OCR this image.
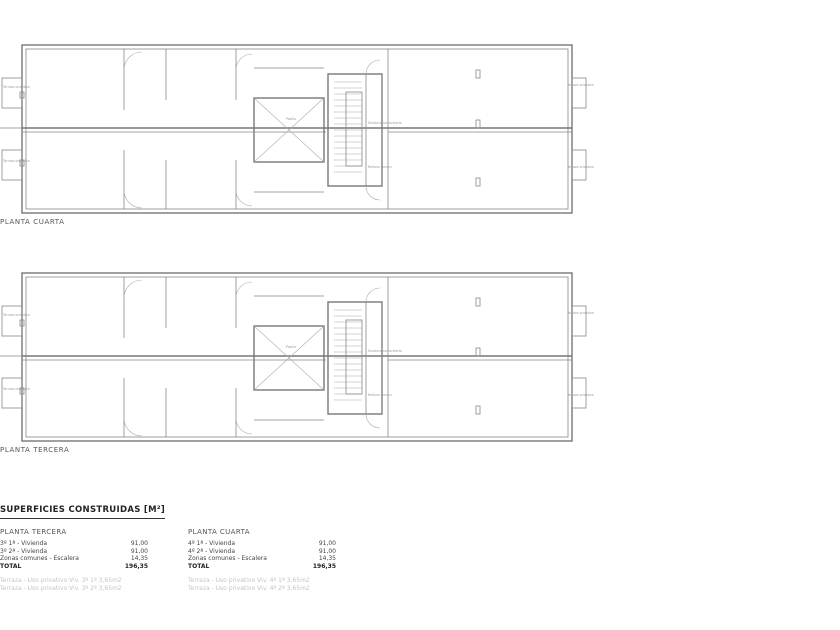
Terraza privativa
Terraza privativa
Pasillo
Escalera comunitaria
Rellano comun
Terraza privativa
Terraza privativa
PLANTA CUARTA
Terraza privativa
Terraza privativa
Pasillo
Escalera comunitaria
Rellano comun
Terraza privativa
Terraza privativa
PLANTA TERCERA
SUPERFICIES CONSTRUIDAS [M²]
PLANTA TERCERA
3º 1ª - Vivienda	91,00
3º 2ª - Vivienda	91,00
Zonas comunes - Escalera	14,35
TOTAL	196,35
Terraza - Uso privativo Viv. 3º 1ª 3,65m2
Terraza - Uso privativo Viv. 3º 2ª 3,65m2
PLANTA CUARTA
4º 1ª - Vivienda	91,00
4º 2ª - Vivienda	91,00
Zonas comunes - Escalera	14,35
TOTAL	196,35
Terraza - Uso privativo Viv. 4º 1ª 3,65m2
Terraza - Uso privativo Viv. 4º 2ª 3,65m2
